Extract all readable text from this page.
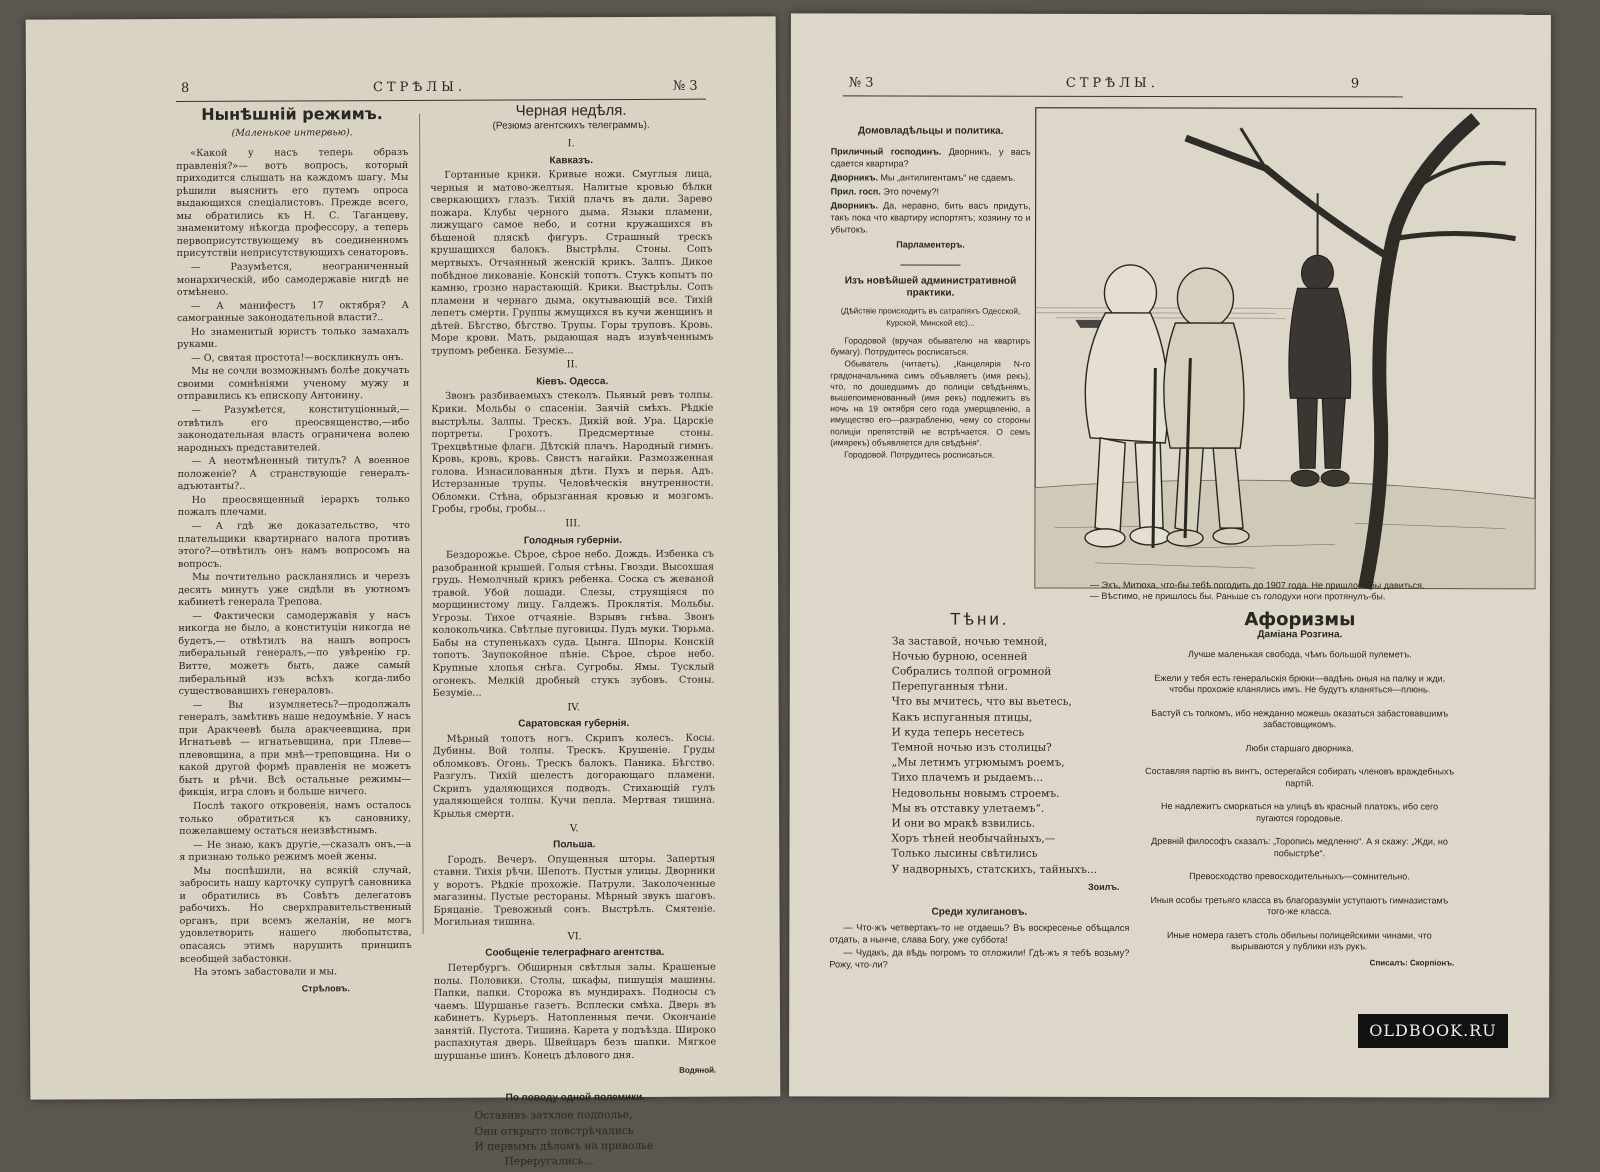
8	СТРѢЛЫ.	№ 3
Нынѣшній режимъ.
(Маленькое интервью).

«Какой у насъ теперь образъ правленія?»— вотъ вопросъ, который приходится слышать на каждомъ шагу. Мы рѣшили выяснить его путемъ опроса выдающихся спеціалистовъ. Прежде всего, мы обратились къ Н. С. Таганцеву, знаменитому нѣкогда профессору, а теперь первоприсутствующему въ соединенномъ присутствіи неприсутствующихъ сенаторовъ.

— Разумѣется, неограниченный монархическій, ибо самодержавіе нигдѣ не отмѣнено.

— А манифестъ 17 октября? А самогранные законодательной власти?..

Но знаменитый юристъ только замахалъ руками.

— О, святая простота!—воскликнулъ онъ.

Мы не сочли возможнымъ болѣе докучать своими сомнѣніями ученому мужу и отправились къ епископу Антонину.

— Разумѣется, конституціонный,— отвѣтилъ его преосвященство,—ибо законодательная власть ограничена волею народныхъ представителей.

— А неотмѣненный титулъ? А военное положеніе? А странствующіе генералъ-адъютанты?..

Но преосвященный іерархъ только пожалъ плечами.

— А гдѣ же доказательство, что плательщики квартирнаго налога противъ этого?—отвѣтилъ онъ намъ вопросомъ на вопросъ.

Мы почтительно раскланялись и черезъ десять минутъ уже сидѣли въ уютномъ кабинетѣ генерала Трепова.

— Фактически самодержавія у насъ никогда не было, а конституціи никогда не будетъ,— отвѣтилъ на нашъ вопросъ либеральный генералъ,—по увѣренію гр. Витте, можетъ быть, даже самый либеральный изъ всѣхъ когда-либо существовавшихъ генераловъ.

— Вы изумляетесь?—продолжалъ генералъ, замѣтивъ наше недоумѣніе. У насъ при Аракчеевѣ была аракчеевщина, при Игнатьевѣ — игнатьевщина, при Плеве—плевовщина, а при мнѣ—треповщина. Ни о какой другой формѣ правленія не можетъ быть и рѣчи. Всѣ остальные режимы—фикція, игра словъ и больше ничего.

Послѣ такого откровенія, намъ осталось только обратиться къ сановнику, пожелавшему остаться неизвѣстнымъ.

— Не знаю, какъ другіе,—сказалъ онъ,—а я признаю только режимъ моей жены.

Мы поспѣшили, на всякій случай, забросить нашу карточку супругѣ сановника и обратились въ Совѣтъ делегатовъ рабочихъ. Но сверхправительственный органъ, при всемъ желаніи, не могъ удовлетворить нашего любопытства, опасаясь этимъ нарушить принципъ всеобщей забастовки.

На этомъ забастовали и мы.

Стрѣловъ.
Черная недѣля.
(Резюмэ агентскихъ телеграммъ).
I.
Кавказъ.

Гортанные крики. Кривые ножи. Смуглыя лица, черныя и матово-желтыя. Налитые кровью бѣлки сверкающихъ глазъ. Тихій плачъ въ дали. Зарево пожара. Клубы черного дыма. Языки пламени, лижущаго самое небо, и сотни кружащихся въ бѣшеной пляскѣ фигуръ. Страшный трескъ крушащихся балокъ. Выстрѣлы. Стоны. Сопъ мертвыхъ. Отчаянный женскій крикъ. Залпъ. Дикое побѣдное ликованіе. Конскій топотъ. Стукъ копытъ по камню, грозно нарастающій. Крики. Выстрѣлы. Сопъ пламени и чернаго дыма, окутывающій все. Тихій лепетъ смерти. Группы жмущихся въ кучи женщинъ и дѣтей. Бѣгство, бѣгство. Трупы. Горы труповъ. Кровь. Море крови. Мать, рыдающая надъ изувѣченнымъ трупомъ ребенка. Безуміе...

II.
Кіевъ. Одесса.

Звонъ разбиваемыхъ стеколъ. Пьяный ревъ толпы. Крики. Мольбы о спасеніи. Заячій смѣхъ. Рѣдкіе выстрѣлы. Залпы. Трескъ. Дикій вой. Ура. Царскіе портреты. Грохотъ. Предсмертные стоны. Трехцвѣтные флаги. Дѣтскій плачъ. Народный гимнъ. Кровь, кровь, кровь. Свистъ нагайки. Размозженная голова. Изнасилованныя дѣти. Пухъ и перья. Адъ. Истерзанные трупы. Человѣческія внутренности. Обломки. Стѣна, обрызганная кровью и мозгомъ. Гробы, гробы, гробы...

III.
Голодныя губерніи.

Бездорожье. Сѣрое, сѣрое небо. Дождь. Избенка съ разобранной крышей. Голыя стѣны. Гвозди. Высохшая грудь. Немолчный крикъ ребенка. Соска съ жеваной травой. Убой лошади. Слезы, струящіяся по морщинистому лицу. Галдежъ. Проклятія. Мольбы. Угрозы. Тихое отчаяніе. Взрывъ гнѣва. Звонъ колокольчика. Свѣтлые пуговицы. Пудъ муки. Тюрьма. Бабы на ступенькахъ суда. Цынга. Шпоры. Конскій топотъ. Заупокойное пѣніе. Сѣрое, сѣрое небо. Крупные хлопья снѣга. Сугробы. Ямы. Тусклый огонекъ. Мелкій дробный стукъ зубовъ. Стоны. Безуміе...

IV.
Саратовская губернія.

Мѣрный топотъ ногъ. Скрипъ колесъ. Косы. Дубины. Вой толпы. Трескъ. Крушеніе. Груды обломковъ. Огонь. Трескъ балокъ. Паника. Бѣгство. Разгулъ. Тихій шелестъ догорающаго пламени. Скрипъ удаляющихся подводъ. Стихающій гулъ удаляющейся толпы. Кучи пепла. Мертвая тишина. Крылья смерти.

V.
Польша.

Городъ. Вечеръ. Опущенныя шторы. Запертыя ставни. Тихія рѣчи. Шепотъ. Пустыя улицы. Дворники у воротъ. Рѣдкіе прохожіе. Патрули. Заколоченные магазины. Пустые рестораны. Мѣрный звукъ шаговъ. Бряцаніе. Тревожный сонъ. Выстрѣлъ. Смятеніе. Могильная тишина.

VI.
Сообщеніе телеграфнаго агентства.

Петербургъ. Обширныя свѣтлыя залы. Крашеные полы. Половики. Столы, шкафы, пишущія машины. Папки, папки. Сторожа въ мундирахъ. Подносы съ чаемъ. Шуршанье газетъ. Всплески смѣха. Дверь въ кабинетъ. Курьеръ. Натопленныя печи. Окончаніе занятій. Пустота. Тишина. Карета у подъѣзда. Широко распахнутая дверь. Швейцаръ безъ шапки. Мягкое шуршанье шинъ. Конецъ дѣлового дня.

Водяной.
По поводу одной полемики.

Оставивъ затхлое подполье,

Они открыто повстрѣчались

И первымъ дѣломъ на приволье

Переругались...

№ 3	СТРѢЛЫ.	9
Домовладѣльцы и политика.

Приличный господинъ. Дворникъ, у васъ сдается квартира?

Дворникъ. Мы „антилигентамъ“ не сдаемъ.

Прил. госп. Это почему?!

Дворникъ. Да, неравно, бить васъ придутъ, такъ пока что квартиру испортятъ; хозяину то и убытокъ.

Парламентеръ.
Изъ новѣйшей административной практики.
(Дѣйствіе происходитъ въ сатрапіяхъ Одесской, Курской, Минской etc)...

Городовой (вручая обывателю на квартиръ бумагу). Потрудитесь росписаться.

Обыватель (читаетъ). „Канцелярія N-го градоначальника симъ объявляетъ (имя рекъ), что, по дошедшимъ до полиціи свѣдѣніямъ, вышепоименованный (имя рекъ) подлежитъ въ ночь на 19 октября сего года умерщвленію, а имущество его—разграбленію, чему со стороны полиціи препятствій не встрѣчается. О семъ (имярекъ) объявляется для свѣдѣнія“.

Городовой. Потрудитесь росписаться.

— Эхъ, Митюха, что-бы тебѣ погодить до 1907 года. Не пришлось бы давиться.
— Вѣстимо, не пришлось бы. Раньше съ голодухи ноги протянулъ-бы.
Тѣни.

За заставой, ночью темной,

Ночью бурною, осенней

Собрались толпой огромной

Перепуганныя тѣни.

Что вы мчитесь, что вы вьетесь,

Какъ испуганныя птицы,

И куда теперь несетесь

Темной ночью изъ столицы?

„Мы летимъ угрюмымъ роемъ,

Тихо плачемъ и рыдаемъ...

Недовольны новымъ строемъ.

Мы въ отставку улетаемъ“.

И они во мракѣ взвились.

Хоръ тѣней необычайныхъ,—

Только лысины свѣтились

У надворныхъ, статскихъ, тайныхъ...

Зоилъ.
Среди хулигановъ.

— Что-жъ четвертакъ-то не отдаешь? Въ воскресенье обѣщался отдать, а нынче, слава Богу, уже суббота!

— Чудакъ, да вѣдь погромъ то отложили! Гдѣ-жъ я тебѣ возьму? Рожу, что-ли?

Афоризмы
Даміана Розгина.

Лучше маленькая свобода, чѣмъ большой пулеметъ.

Ежели у тебя есть генеральскія брюки—вадѣнь оныя на палку и жди, чтобы прохожіе кланялись имъ. Не будутъ кланяться—плюнь.

Бастуй съ толкомъ, ибо нежданно можешь оказаться забастовавшимъ забастовщикомъ.

Люби старшаго дворника.

Составляя партію въ винтъ, остерегайся собирать членовъ враждебныхъ партій.

Не надлежитъ сморкаться на улицѣ въ красный платокъ, ибо сего пугаются городовые.

Древній философъ сказалъ: „Торопись медленно“. А я скажу: „Жди, но побыстрѣе“.

Превосходство превосходительныхъ—сомнительно.

Иныя особы третьяго класса въ благоразуміи уступаютъ гимназистамъ того-же класса.

Иные номера газетъ столь обильны полицейскими чинами, что вырываются у публики изъ рукъ.

Списалъ: Скорпіонъ.
OLDBOOK.RU
